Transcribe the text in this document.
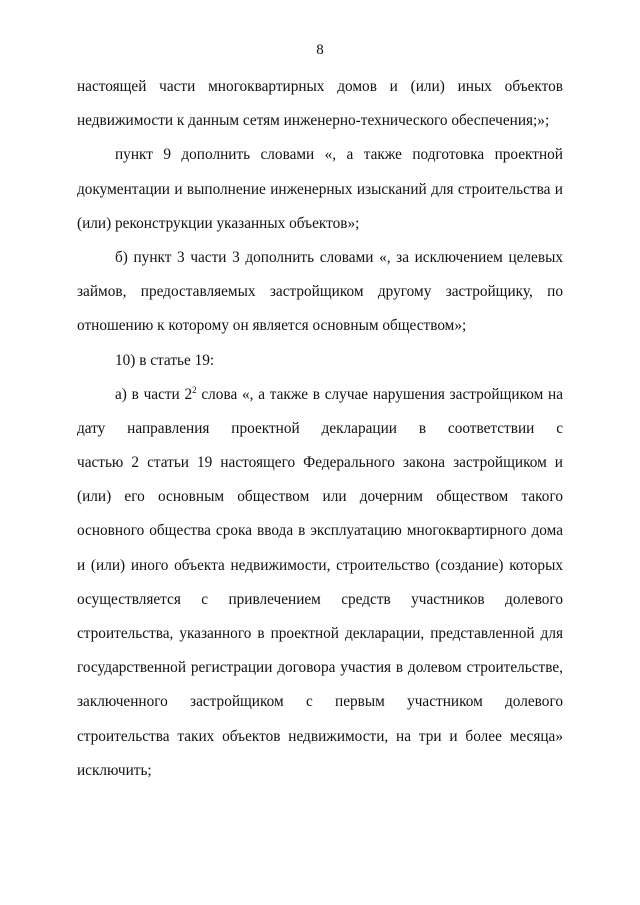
8
настоящей части многоквартирных домов и (или) иных объектов
недвижимости к данным сетям инженерно-технического обеспечения;»;
пункт 9 дополнить словами «, а также подготовка проектной
документации и выполнение инженерных изысканий для строительства и
(или) реконструкции указанных объектов»;
б) пункт 3 части 3 дополнить словами «, за исключением целевых
займов, предоставляемых застройщиком другому застройщику, по
отношению к которому он является основным обществом»;
10) в статье 19:
а) в части $2^2$ слова «, а также в случае нарушения застройщиком на
дату направления проектной декларации в соответствии с
частью 2 статьи 19 настоящего Федерального закона застройщиком и
(или) его основным обществом или дочерним обществом такого
основного общества срока ввода в эксплуатацию многоквартирного дома
и (или) иного объекта недвижимости, строительство (создание) которых
осуществляется с привлечением средств участников долевого
строительства, указанного в проектной декларации, представленной для
государственной регистрации договора участия в долевом строительстве,
заключенного застройщиком с первым участником долевого
строительства таких объектов недвижимости, на три и более месяца»
исключить;
